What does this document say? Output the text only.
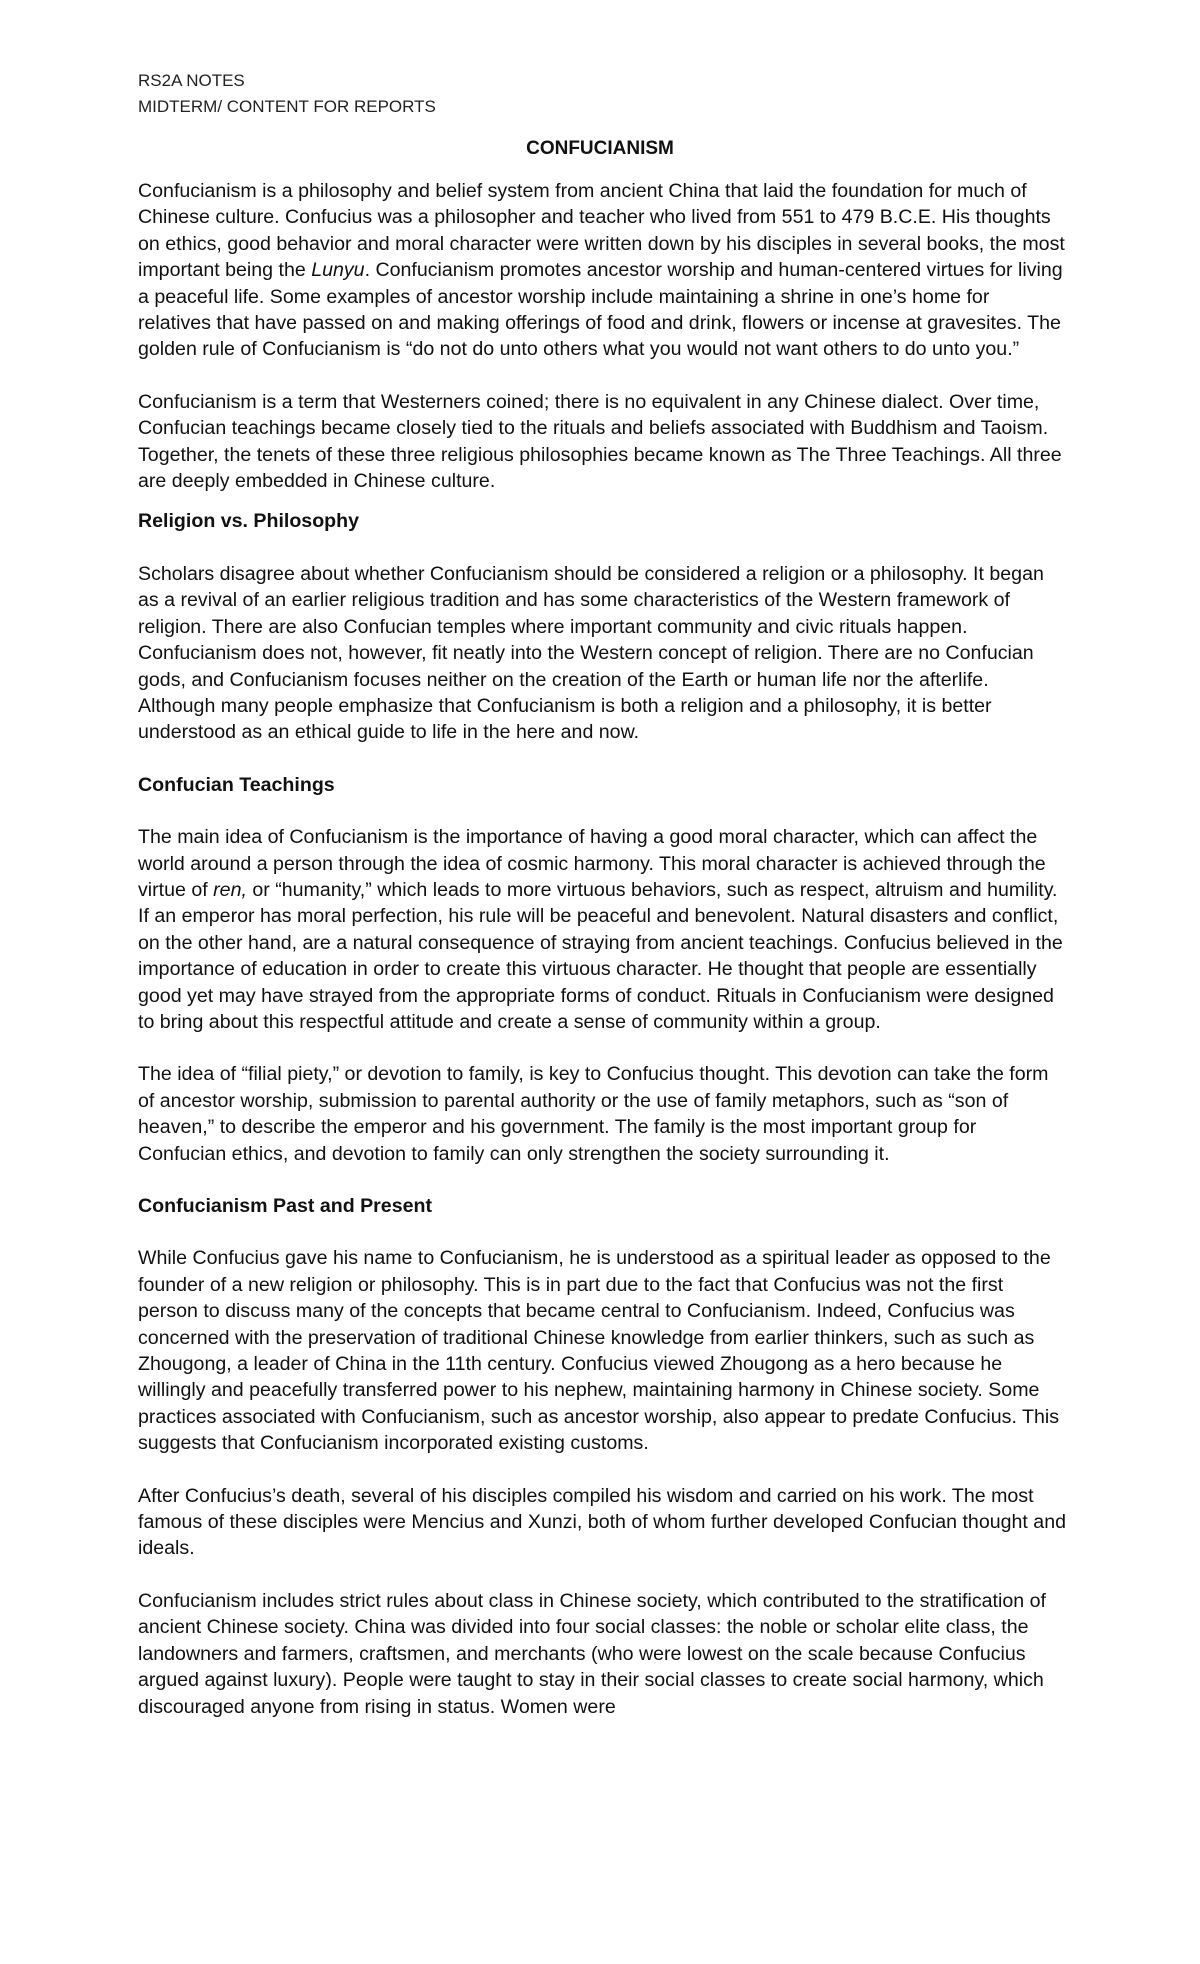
RS2A NOTES
MIDTERM/ CONTENT FOR REPORTS
CONFUCIANISM

Confucianism is a philosophy and belief system from ancient China that laid the foundation for much of Chinese culture. Confucius was a philosopher and teacher who lived from 551 to 479 B.C.E. His thoughts on ethics, good behavior and moral character were written down by his disciples in several books, the most important being the Lunyu. Confucianism promotes ancestor worship and human-centered virtues for living a peaceful life. Some examples of ancestor worship include maintaining a shrine in one’s home for relatives that have passed on and making offerings of food and drink, flowers or incense at gravesites. The golden rule of Confucianism is “do not do unto others what you would not want others to do unto you.”

Confucianism is a term that Westerners coined; there is no equivalent in any Chinese dialect. Over time, Confucian teachings became closely tied to the rituals and beliefs associated with Buddhism and Taoism. Together, the tenets of these three religious philosophies became known as The Three Teachings. All three are deeply embedded in Chinese culture.

Religion vs. Philosophy

Scholars disagree about whether Confucianism should be considered a religion or a philosophy. It began as a revival of an earlier religious tradition and has some characteristics of the Western framework of religion. There are also Confucian temples where important community and civic rituals happen. Confucianism does not, however, fit neatly into the Western concept of religion. There are no Confucian gods, and Confucianism focuses neither on the creation of the Earth or human life nor the afterlife. Although many people emphasize that Confucianism is both a religion and a philosophy, it is better understood as an ethical guide to life in the here and now.

Confucian Teachings

The main idea of Confucianism is the importance of having a good moral character, which can affect the world around a person through the idea of cosmic harmony. This moral character is achieved through the virtue of ren, or “humanity,” which leads to more virtuous behaviors, such as respect, altruism and humility. If an emperor has moral perfection, his rule will be peaceful and benevolent. Natural disasters and conflict, on the other hand, are a natural consequence of straying from ancient teachings. Confucius believed in the importance of education in order to create this virtuous character. He thought that people are essentially good yet may have strayed from the appropriate forms of conduct. Rituals in Confucianism were designed to bring about this respectful attitude and create a sense of community within a group.

The idea of “filial piety,” or devotion to family, is key to Confucius thought. This devotion can take the form of ancestor worship, submission to parental authority or the use of family metaphors, such as “son of heaven,” to describe the emperor and his government. The family is the most important group for Confucian ethics, and devotion to family can only strengthen the society surrounding it.

Confucianism Past and Present

While Confucius gave his name to Confucianism, he is understood as a spiritual leader as opposed to the founder of a new religion or philosophy. This is in part due to the fact that Confucius was not the first person to discuss many of the concepts that became central to Confucianism. Indeed, Confucius was concerned with the preservation of traditional Chinese knowledge from earlier thinkers, such as such as Zhougong, a leader of China in the 11th century. Confucius viewed Zhougong as a hero because he willingly and peacefully transferred power to his nephew, maintaining harmony in Chinese society. Some practices associated with Confucianism, such as ancestor worship, also appear to predate Confucius. This suggests that Confucianism incorporated existing customs.

After Confucius’s death, several of his disciples compiled his wisdom and carried on his work. The most famous of these disciples were Mencius and Xunzi, both of whom further developed Confucian thought and ideals.

Confucianism includes strict rules about class in Chinese society, which contributed to the stratification of ancient Chinese society. China was divided into four social classes: the noble or scholar elite class, the landowners and farmers, craftsmen, and merchants (who were lowest on the scale because Confucius argued against luxury). People were taught to stay in their social classes to create social harmony, which discouraged anyone from rising in status. Women were
